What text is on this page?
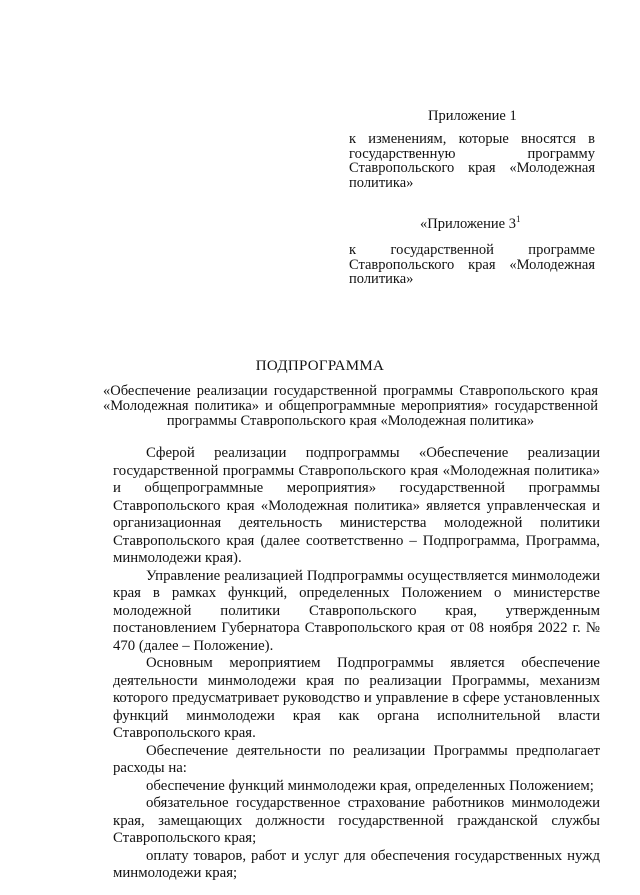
Приложение 1
к изменениям, которые вносятся в государственную программу Ставропольского края «Молодежная политика»
«Приложение $3^1$
к государственной программе Ставропольского края «Молодежная политика»
ПОДПРОГРАММА
«Обеспечение реализации государственной программы Ставропольского края «Молодежная политика» и общепрограммные мероприятия» государственной программы Ставропольского края «Молодежная политика»

Сферой реализации подпрограммы «Обеспечение реализации государственной программы Ставропольского края «Молодежная политика» и общепрограммные мероприятия» государственной программы Ставропольского края «Молодежная политика» является управленческая и организационная деятельность министерства молодежной политики Ставропольского края (далее соответственно – Подпрограмма, Программа, минмолодежи края).

Управление реализацией Подпрограммы осуществляется минмолодежи края в рамках функций, определенных Положением о министерстве молодежной политики Ставропольского края, утвержденным постановлением Губернатора Ставропольского края от 08 ноября 2022 г. № 470 (далее – Положение).

Основным мероприятием Подпрограммы является обеспечение деятельности минмолодежи края по реализации Программы, механизм которого предусматривает руководство и управление в сфере установленных функций минмолодежи края как органа исполнительной власти Ставропольского края.

Обеспечение деятельности по реализации Программы предполагает расходы на:

обеспечение функций минмолодежи края, определенных Положением;

обязательное государственное страхование работников минмолодежи края, замещающих должности государственной гражданской службы Ставропольского края;

оплату товаров, работ и услуг для обеспечения государственных нужд минмолодежи края;
